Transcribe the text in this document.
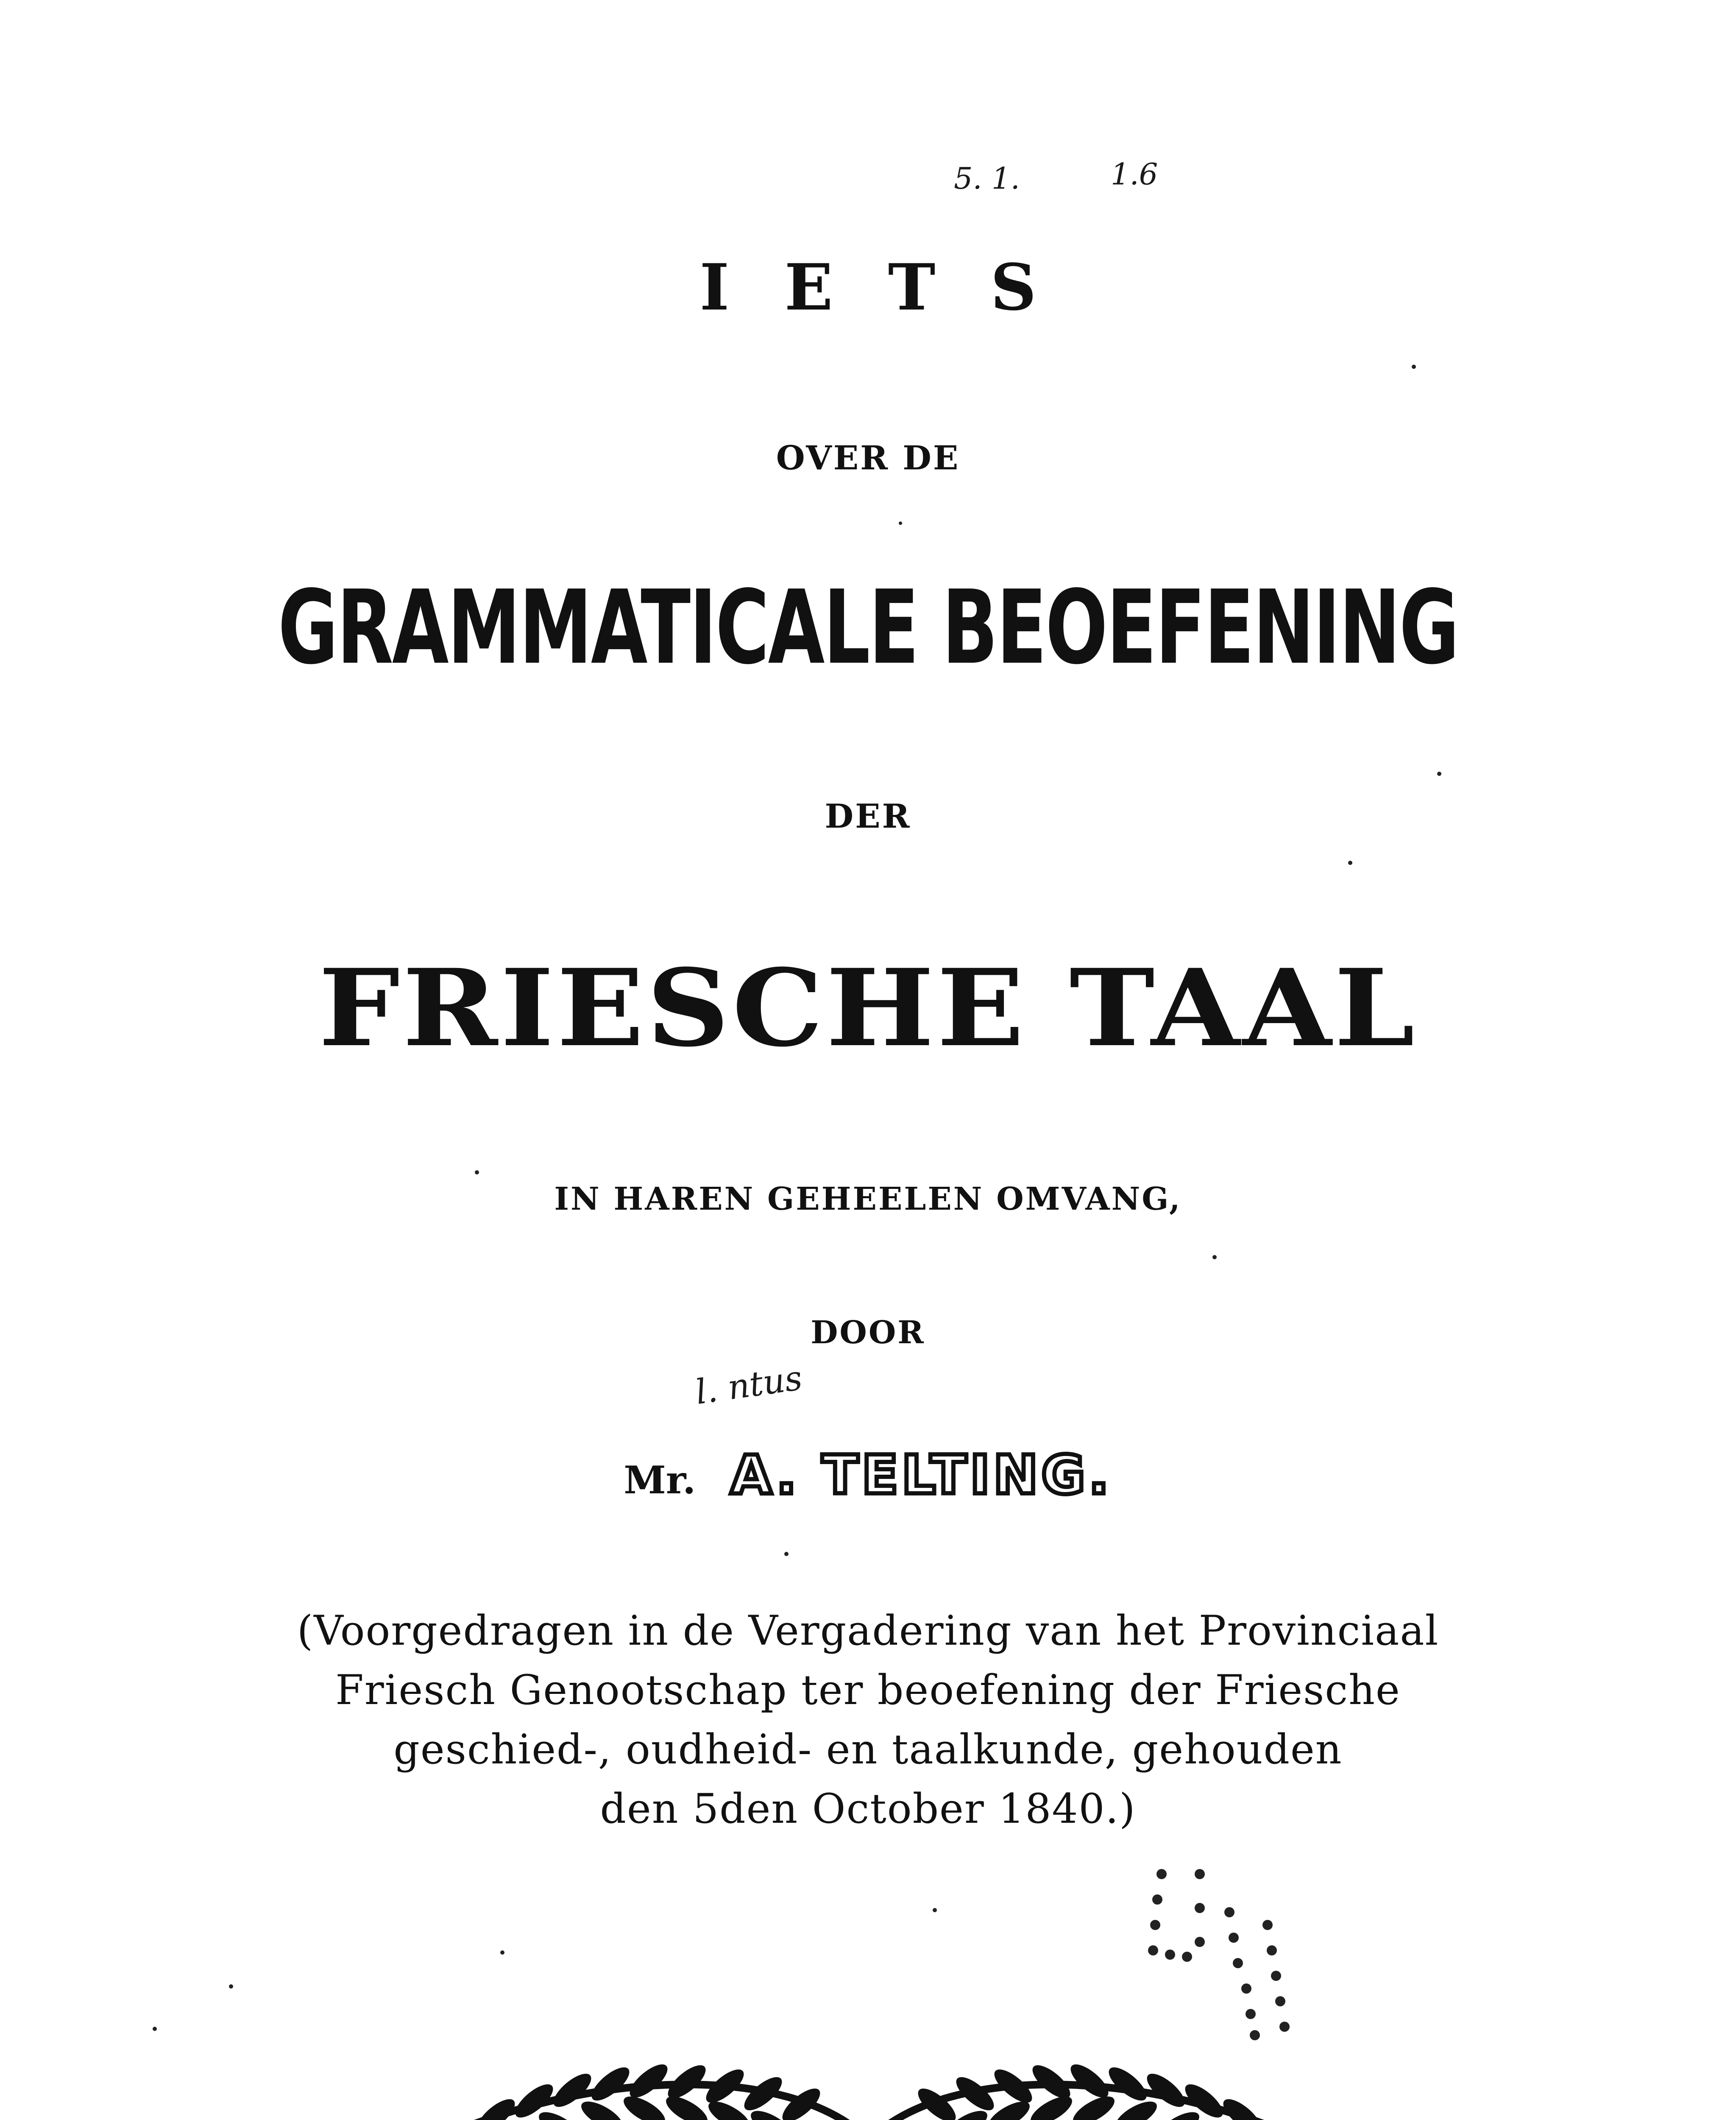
IETS
OVER DE
GRAMMATICALE BEOEFENING
DER
FRIESCHE TAAL
IN HAREN GEHEELEN OMVANG,
DOOR
Mr. A. TELTING.
(Voorgedragen in de Vergadering van het Provinciaal
Friesch Genootschap ter beoefening der Friesche
geschied-, oudheid- en taalkunde, gehouden
den 5den October 1840.)
5. 1.	1.6
l. ntus
